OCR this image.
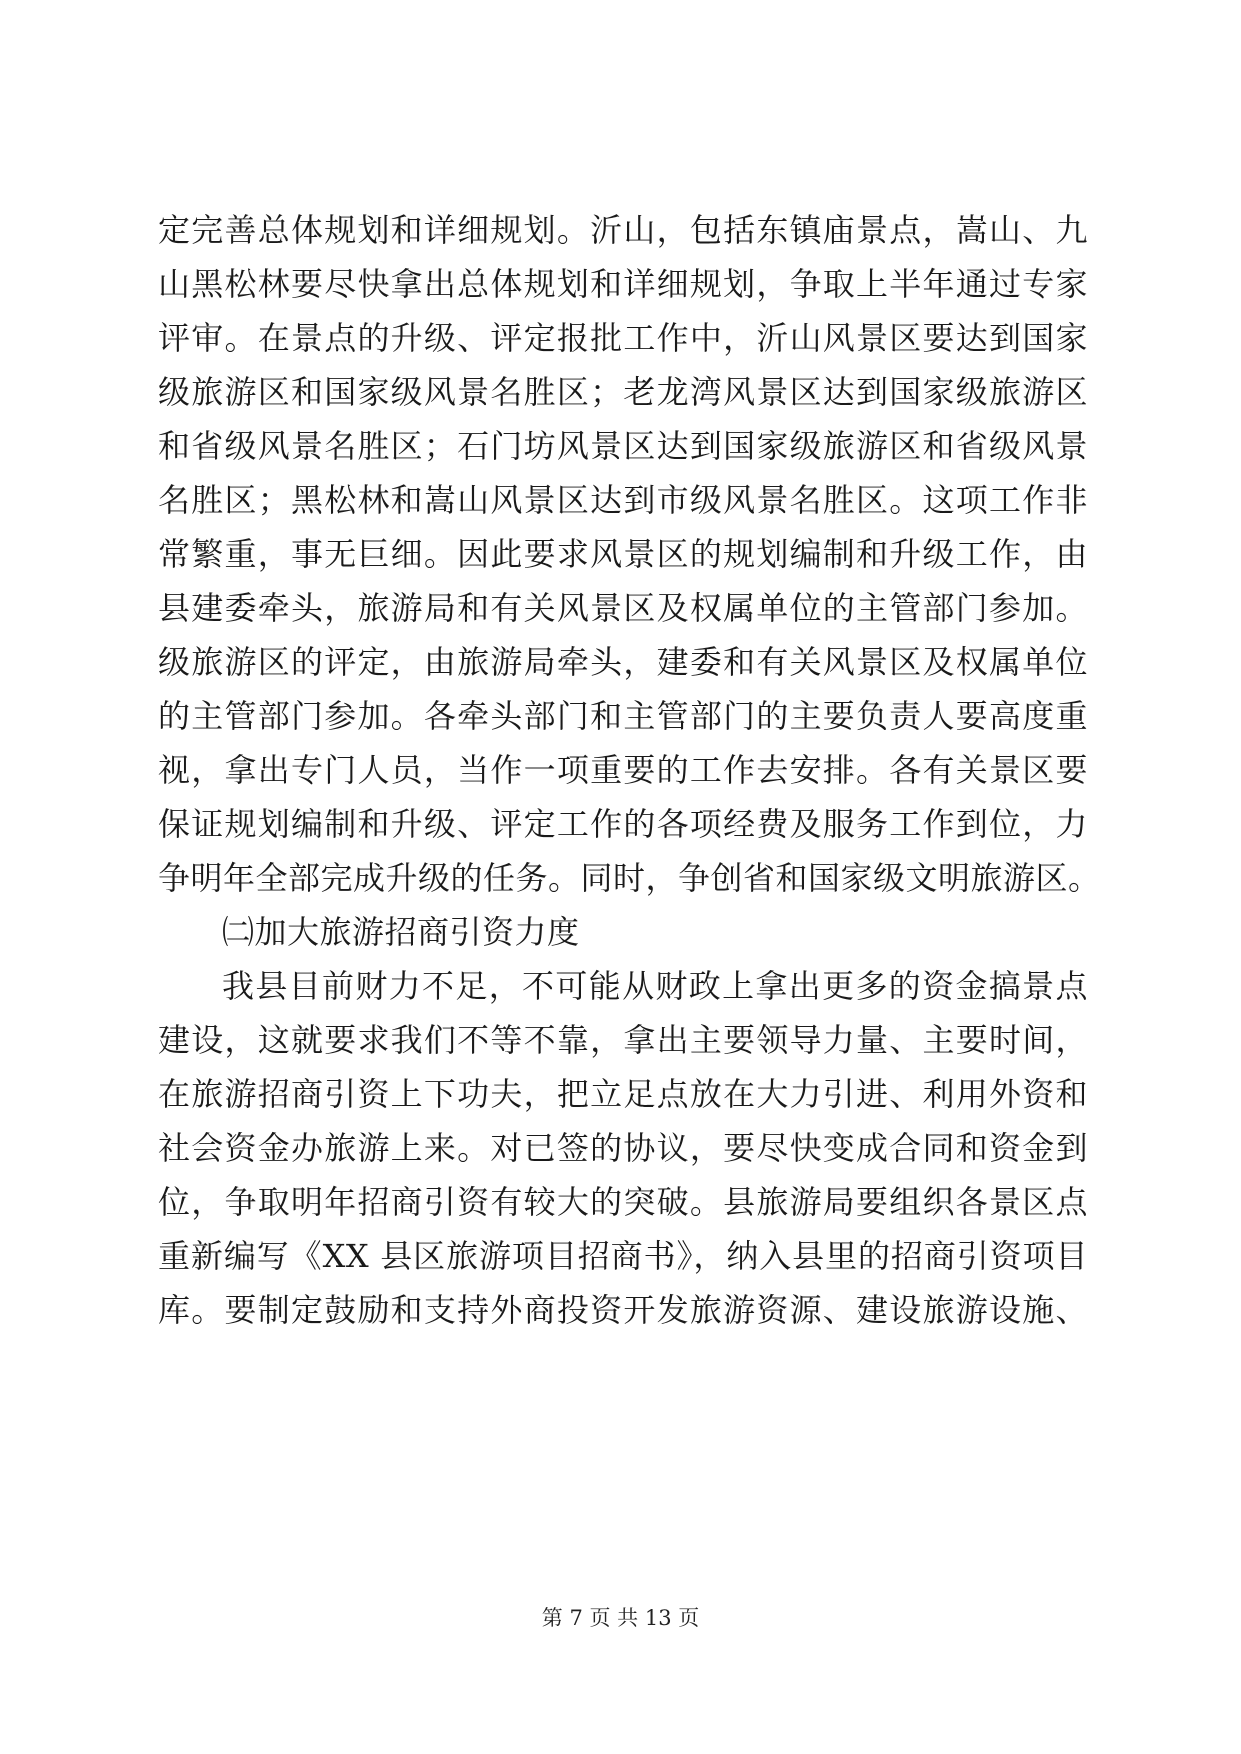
定完善总体规划和详细规划。沂山，包括东镇庙景点，嵩山、九
山黑松林要尽快拿出总体规划和详细规划，争取上半年通过专家
评审。在景点的升级、评定报批工作中，沂山风景区要达到国家
级旅游区和国家级风景名胜区；老龙湾风景区达到国家级旅游区
和省级风景名胜区；石门坊风景区达到国家级旅游区和省级风景
名胜区；黑松林和嵩山风景区达到市级风景名胜区。这项工作非
常繁重，事无巨细。因此要求风景区的规划编制和升级工作，由
县建委牵头，旅游局和有关风景区及权属单位的主管部门参加。
级旅游区的评定，由旅游局牵头，建委和有关风景区及权属单位
的主管部门参加。各牵头部门和主管部门的主要负责人要高度重
视，拿出专门人员，当作一项重要的工作去安排。各有关景区要
保证规划编制和升级、评定工作的各项经费及服务工作到位，力
争明年全部完成升级的任务。同时，争创省和国家级文明旅游区。
㈡加大旅游招商引资力度
我县目前财力不足，不可能从财政上拿出更多的资金搞景点
建设，这就要求我们不等不靠，拿出主要领导力量、主要时间，
在旅游招商引资上下功夫，把立足点放在大力引进、利用外资和
社会资金办旅游上来。对已签的协议，要尽快变成合同和资金到
位，争取明年招商引资有较大的突破。县旅游局要组织各景区点
重新编写《XX 县区旅游项目招商书》，纳入县里的招商引资项目
库。要制定鼓励和支持外商投资开发旅游资源、建设旅游设施、
第 7 页 共 13 页
